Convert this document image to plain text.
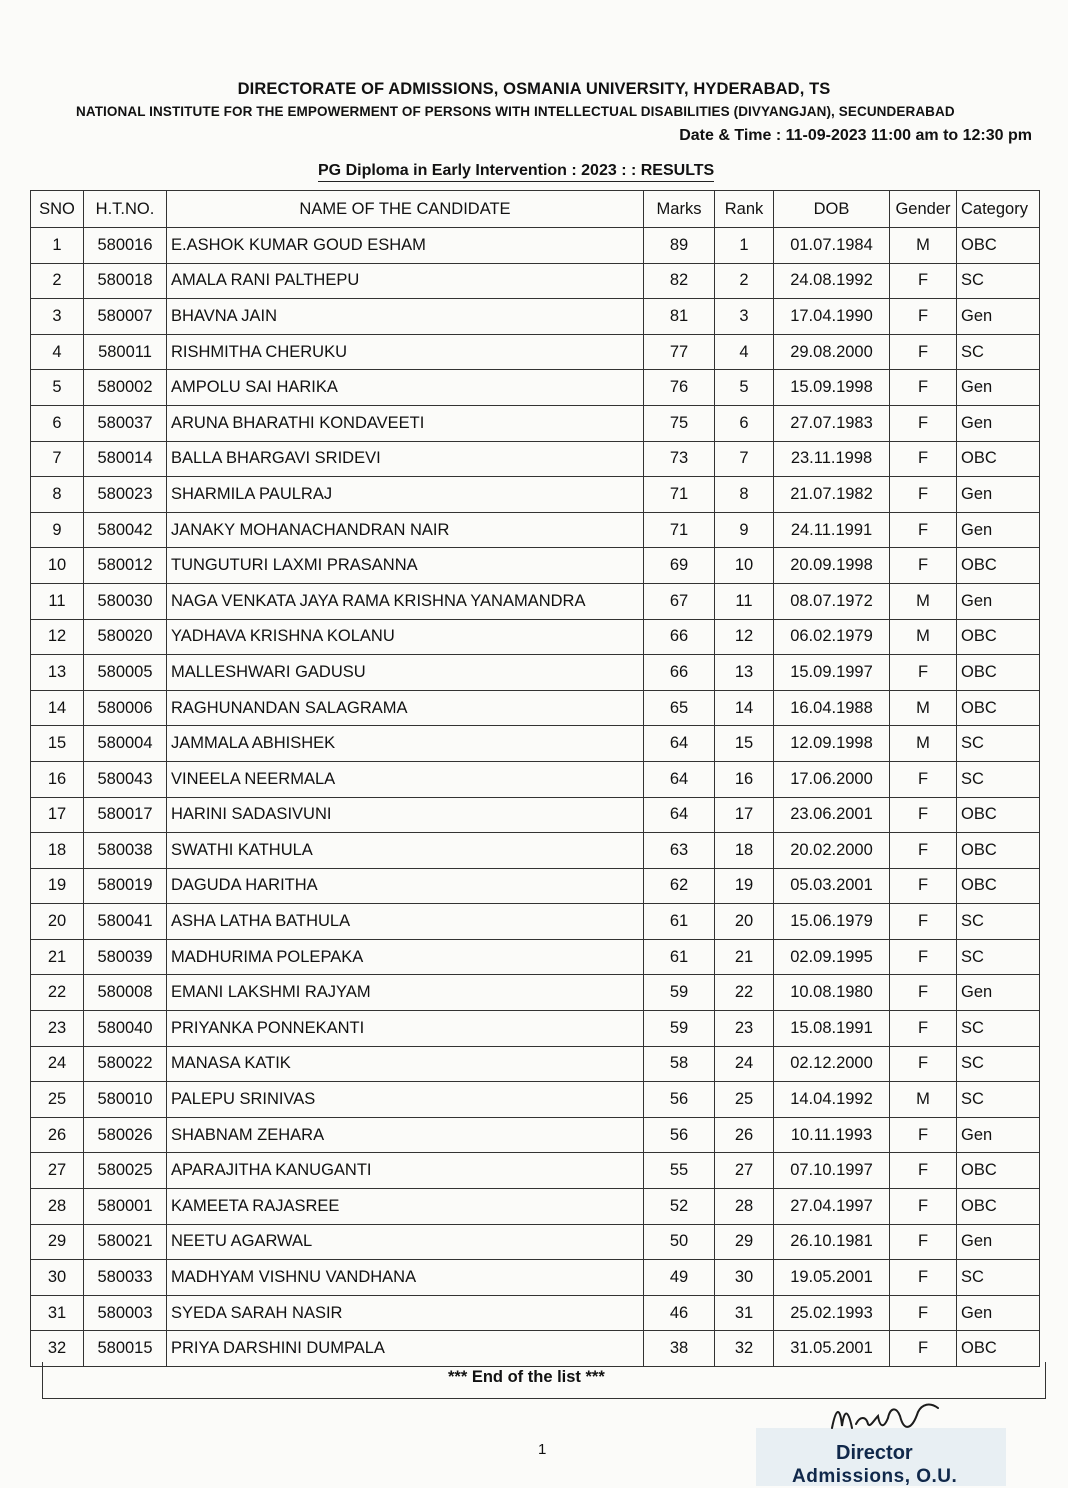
DIRECTORATE OF ADMISSIONS, OSMANIA UNIVERSITY, HYDERABAD, TS
NATIONAL INSTITUTE FOR THE EMPOWERMENT OF PERSONS WITH INTELLECTUAL DISABILITIES (DIVYANGJAN), SECUNDERABAD
Date & Time : 11-09-2023 11:00 am to 12:30 pm
PG Diploma in Early Intervention : 2023 : : RESULTS
SNO	H.T.NO.	NAME OF THE CANDIDATE	Marks	Rank	DOB	Gender	Category
1	580016	E.ASHOK KUMAR GOUD ESHAM	89	1	01.07.1984	M	OBC
2	580018	AMALA RANI PALTHEPU	82	2	24.08.1992	F	SC
3	580007	BHAVNA JAIN	81	3	17.04.1990	F	Gen
4	580011	RISHMITHA CHERUKU	77	4	29.08.2000	F	SC
5	580002	AMPOLU SAI HARIKA	76	5	15.09.1998	F	Gen
6	580037	ARUNA BHARATHI KONDAVEETI	75	6	27.07.1983	F	Gen
7	580014	BALLA BHARGAVI SRIDEVI	73	7	23.11.1998	F	OBC
8	580023	SHARMILA PAULRAJ	71	8	21.07.1982	F	Gen
9	580042	JANAKY MOHANACHANDRAN NAIR	71	9	24.11.1991	F	Gen
10	580012	TUNGUTURI LAXMI PRASANNA	69	10	20.09.1998	F	OBC
11	580030	NAGA VENKATA JAYA RAMA KRISHNA YANAMANDRA	67	11	08.07.1972	M	Gen
12	580020	YADHAVA KRISHNA KOLANU	66	12	06.02.1979	M	OBC
13	580005	MALLESHWARI GADUSU	66	13	15.09.1997	F	OBC
14	580006	RAGHUNANDAN SALAGRAMA	65	14	16.04.1988	M	OBC
15	580004	JAMMALA ABHISHEK	64	15	12.09.1998	M	SC
16	580043	VINEELA NEERMALA	64	16	17.06.2000	F	SC
17	580017	HARINI SADASIVUNI	64	17	23.06.2001	F	OBC
18	580038	SWATHI KATHULA	63	18	20.02.2000	F	OBC
19	580019	DAGUDA HARITHA	62	19	05.03.2001	F	OBC
20	580041	ASHA LATHA BATHULA	61	20	15.06.1979	F	SC
21	580039	MADHURIMA POLEPAKA	61	21	02.09.1995	F	SC
22	580008	EMANI LAKSHMI RAJYAM	59	22	10.08.1980	F	Gen
23	580040	PRIYANKA PONNEKANTI	59	23	15.08.1991	F	SC
24	580022	MANASA KATIK	58	24	02.12.2000	F	SC
25	580010	PALEPU SRINIVAS	56	25	14.04.1992	M	SC
26	580026	SHABNAM ZEHARA	56	26	10.11.1993	F	Gen
27	580025	APARAJITHA KANUGANTI	55	27	07.10.1997	F	OBC
28	580001	KAMEETA RAJASREE	52	28	27.04.1997	F	OBC
29	580021	NEETU AGARWAL	50	29	26.10.1981	F	Gen
30	580033	MADHYAM VISHNU VANDHANA	49	30	19.05.2001	F	SC
31	580003	SYEDA SARAH NASIR	46	31	25.02.1993	F	Gen
32	580015	PRIYA DARSHINI DUMPALA	38	32	31.05.2001	F	OBC
*** End of the list ***
1	Director
Admissions, O.U.
